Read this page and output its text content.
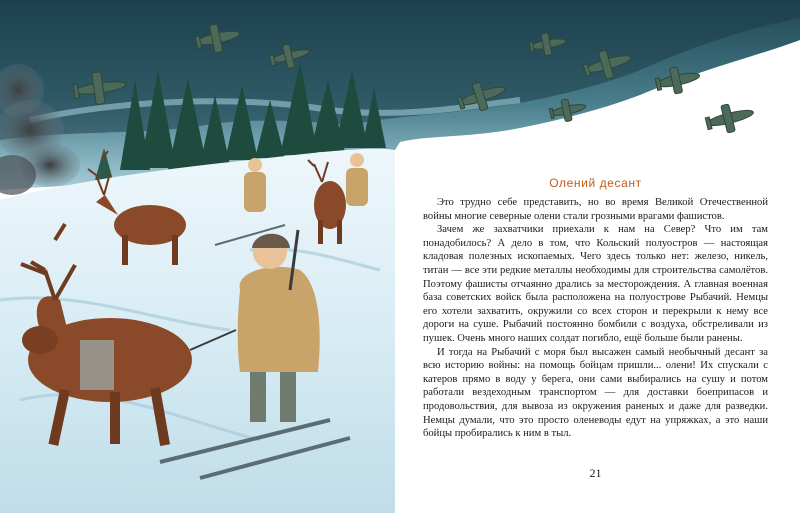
Олений десант

Это трудно себе представить, но во время Великой Отечественной войны многие северные олени стали грозными врагами фашистов.

Зачем же захватчики приехали к нам на Север? Что им там понадобилось? А дело в том, что Кольский полуостров — настоящая кладовая полезных ископаемых. Чего здесь только нет: железо, никель, титан — все эти редкие металлы необходимы для строительства самолётов. Поэтому фашисты отчаянно дрались за месторождения. А главная военная база советских войск была расположена на полуострове Рыбачий. Немцы его хотели захватить, окружили со всех сторон и перекрыли к нему все дороги на суше. Рыбачий постоянно бомбили с воздуха, обстреливали из пушек. Очень много наших солдат погибло, ещё больше были ранены.

И тогда на Рыбачий с моря был высажен самый необычный десант за всю историю войны: на помощь бойцам пришли... олени! Их спускали с катеров прямо в воду у берега, они сами выбирались на сушу и потом работали вездеходным транспортом — для доставки боеприпасов и продовольствия, для вывоза из окружения раненых и даже для разведки. Немцы думали, что это просто оленеводы едут на упряжках, а это наши бойцы пробирались к ним в тыл.

21
